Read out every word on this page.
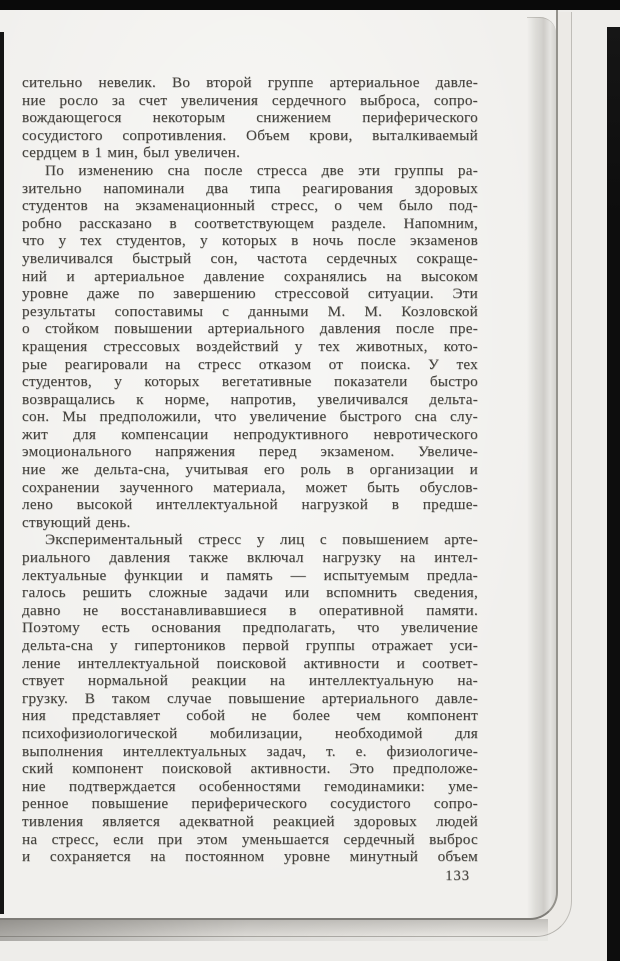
сительно невелик. Во второй группе артериальное давле-
ние росло за счет увеличения сердечного выброса, сопро-
вождающегося некоторым снижением периферического
сосудистого сопротивления. Объем крови, выталкиваемый
сердцем в 1 мин, был увеличен.
По изменению сна после стресса две эти группы ра-
зительно напоминали два типа реагирования здоровых
студентов на экзаменационный стресс, о чем было под-
робно рассказано в соответствующем разделе. Напомним,
что у тех студентов, у которых в ночь после экзаменов
увеличивался быстрый сон, частота сердечных сокраще-
ний и артериальное давление сохранялись на высоком
уровне даже по завершению стрессовой ситуации. Эти
результаты сопоставимы с данными М. М. Козловской
о стойком повышении артериального давления после пре-
кращения стрессовых воздействий у тех животных, кото-
рые реагировали на стресс отказом от поиска. У тех
студентов, у которых вегетативные показатели быстро
возвращались к норме, напротив, увеличивался дельта-
сон. Мы предположили, что увеличение быстрого сна слу-
жит для компенсации непродуктивного невротического
эмоционального напряжения перед экзаменом. Увеличе-
ние же дельта-сна, учитывая его роль в организации и
сохранении заученного материала, может быть обуслов-
лено высокой интеллектуальной нагрузкой в предше-
ствующий день.
Экспериментальный стресс у лиц с повышением арте-
риального давления также включал нагрузку на интел-
лектуальные функции и память — испытуемым предла-
галось решить сложные задачи или вспомнить сведения,
давно не восстанавливавшиеся в оперативной памяти.
Поэтому есть основания предполагать, что увеличение
дельта-сна у гипертоников первой группы отражает уси-
ление интеллектуальной поисковой активности и соответ-
ствует нормальной реакции на интеллектуальную на-
грузку. В таком случае повышение артериального давле-
ния представляет собой не более чем компонент
психофизиологической мобилизации, необходимой для
выполнения интеллектуальных задач, т. е. физиологиче-
ский компонент поисковой активности. Это предположе-
ние подтверждается особенностями гемодинамики: уме-
ренное повышение периферического сосудистого сопро-
тивления является адекватной реакцией здоровых людей
на стресс, если при этом уменьшается сердечный выброс
и сохраняется на постоянном уровне минутный объем
133
